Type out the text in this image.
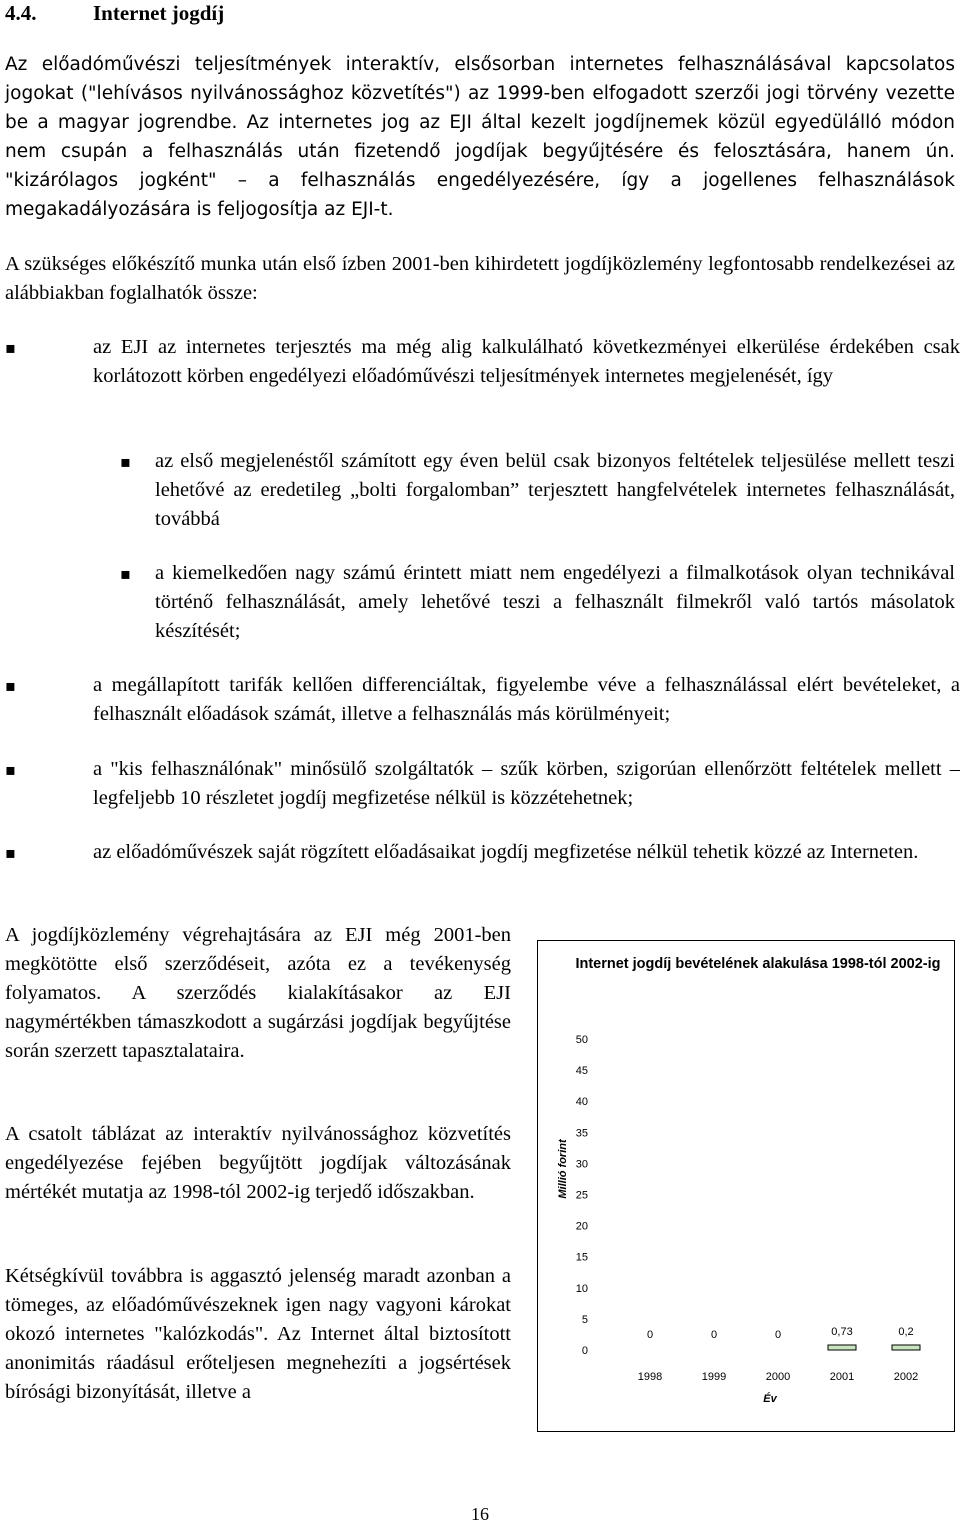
4.4.	Internet jogdíj

Az előadóművészi teljesítmények interaktív, elsősorban internetes felhasználásával kapcsolatos jogokat ("lehívásos nyilvánossághoz közvetítés") az 1999-ben elfogadott szerzői jogi törvény vezette be a magyar jogrendbe. Az internetes jog az EJI által kezelt jogdíjnemek közül egyedülálló módon nem csupán a felhasználás után fizetendő jogdíjak begyűjtésére és felosztására, hanem ún. "kizárólagos jogként" – a felhasználás engedélyezésére, így a jogellenes felhasználások megakadályozására is feljogosítja az EJI-t.

A szükséges előkészítő munka után első ízben 2001-ben kihirdetett jogdíjközlemény legfontosabb rendelkezései az alábbiakban foglalhatók össze:

▪	az EJI az internetes terjesztés ma még alig kalkulálható következményei elkerülése érdekében csak korlátozott körben engedélyezi előadóművészi teljesítmények internetes megjelenését, így
▪ az első megjelenéstől számított egy éven belül csak bizonyos feltételek teljesülése mellett teszi lehetővé az eredetileg „bolti forgalomban” terjesztett hangfelvételek internetes felhasználását, továbbá
▪ a kiemelkedően nagy számú érintett miatt nem engedélyezi a filmalkotások olyan technikával történő felhasználását, amely lehetővé teszi a felhasznált filmekről való tartós másolatok készítését;
▪	a megállapított tarifák kellően differenciáltak, figyelembe véve a felhasználással elért bevételeket, a felhasznált előadások számát, illetve a felhasználás más körülményeit;
▪	a "kis felhasználónak" minősülő szolgáltatók – szűk körben, szigorúan ellenőrzött feltételek mellett – legfeljebb 10 részletet jogdíj megfizetése nélkül is közzétehetnek;
▪	az előadóművészek saját rögzített előadásaikat jogdíj megfizetése nélkül tehetik közzé az Interneten.

A jogdíjközlemény végrehajtására az EJI még 2001-ben megkötötte első szerződéseit, azóta ez a tevékenység folyamatos. A szerződés kialakításakor az EJI nagymértékben támaszkodott a sugárzási jogdíjak begyűjtése során szerzett tapasztalataira.

A csatolt táblázat az interaktív nyilvánossághoz közvetítés engedélyezése fejében begyűjtött jogdíjak változásának mértékét mutatja az 1998-tól 2002-ig terjedő időszakban.

Kétségkívül továbbra is aggasztó jelenség maradt azonban a tömeges, az előadóművészeknek igen nagy vagyoni károkat okozó internetes "kalózkodás". Az Internet által biztosított anonimitás ráadásul erőteljesen megnehezíti a jogsértések bírósági bizonyítását, illetve a

Internet jogdíj bevételének alakulása 1998-tól 2002-ig

0
5
10
15
20
25
30
35
40
45
50
Millió forint
0
1998
0
1999
0
2000
0,73
2001
0,2
2002
Év
16
